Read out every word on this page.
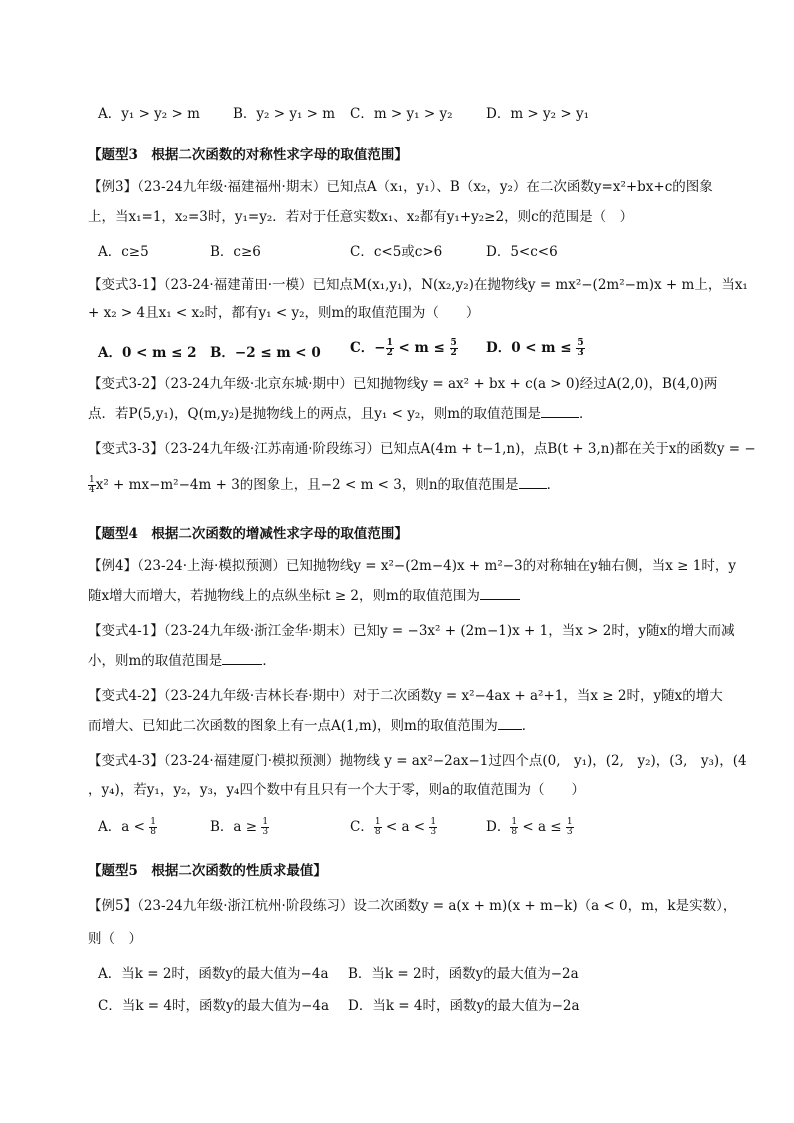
A．y₁ > y₂ > m B．y₂ > y₁ > m C．m > y₁ > y₂ D．m > y₂ > y₁
【题型3　根据二次函数的对称性求字母的取值范围】
【例3】（23-24九年级·福建福州·期末）已知点A（x₁，y₁）、B（x₂，y₂）在二次函数y=x²+bx+c的图象
上，当x₁=1，x₂=3时，y₁=y₂．若对于任意实数x₁、x₂都有y₁+y₂≥2，则c的范围是（　）
A．c≥5	B．c≥6	C．c<5或c>6	D．5<c<6
【变式3-1】（23-24·福建莆田·一模）已知点M(x₁,y₁)，N(x₂,y₂)在抛物线y = mx²−(2m²−m)x + m上，当x₁
+ x₂ > 4且x₁ < x₂时，都有y₁ < y₂，则m的取值范围为（　　）
A．0 < m ≤ 2 B．−2 ≤ m < 0 C．− $\frac{1}{2} < m \le \frac{5}{2}$ D．$0 < m \le \frac{5}{3}$
【变式3-2】（23-24九年级·北京东城·期中）已知抛物线y = ax² + bx + c(a > 0)经过A(2,0)，B(4,0)两
点．若P(5,y₁)，Q(m,y₂)是抛物线上的两点，且y₁ < y₂，则m的取值范围是	．
【变式3-3】（23-24九年级·江苏南通·阶段练习）已知点A(4m + t−1,n)，点B(t + 3,n)都在关于x的函数y = −
$\frac{1}{4} x^2 + mx-m^2-4m + 3$的图象上，且−2 < m < 3，则n的取值范围是 ．
【题型4　根据二次函数的增减性求字母的取值范围】
【例4】（23-24·上海·模拟预测）已知抛物线y = x²−(2m−4)x + m²−3的对称轴在y轴右侧，当x ≥ 1时，y
随x增大而增大，若抛物线上的点纵坐标t ≥ 2，则m的取值范围为
【变式4-1】（23-24九年级·浙江金华·期末）已知y = −3x² + (2m−1)x + 1，当x > 2时，y随x的增大而减
小，则m的取值范围是	．
【变式4-2】（23-24九年级·吉林长春·期中）对于二次函数y = x²−4ax + a²+1，当x ≥ 2时，y随x的增大
而增大、已知此二次函数的图象上有一点A(1,m)，则m的取值范围为 ．
【变式4-3】（23-24·福建厦门·模拟预测）抛物线 y = ax²−2ax−1过四个点(0,　y₁)，(2,　y₂)，(3,　y₃)，(4
，y₄)，若y₁，y₂，y₃，y₄四个数中有且只有一个大于零，则a的取值范围为（　　）
A．$a < \frac{1}{8}$	B．$a \ge \frac{1}{3}$	C． $\frac{1}{8} < a < \frac{1}{3}$	D． $\frac{1}{8} < a \le \frac{1}{3}$
【题型5　根据二次函数的性质求最值】
【例5】（23-24九年级·浙江杭州·阶段练习）设二次函数y = a(x + m)(x + m−k)（a < 0，m，k是实数），
则（　）
A．当k = 2时，函数y的最大值为−4a B．当k = 2时，函数y的最大值为−2a
C．当k = 4时，函数y的最大值为−4a D．当k = 4时，函数y的最大值为−2a
